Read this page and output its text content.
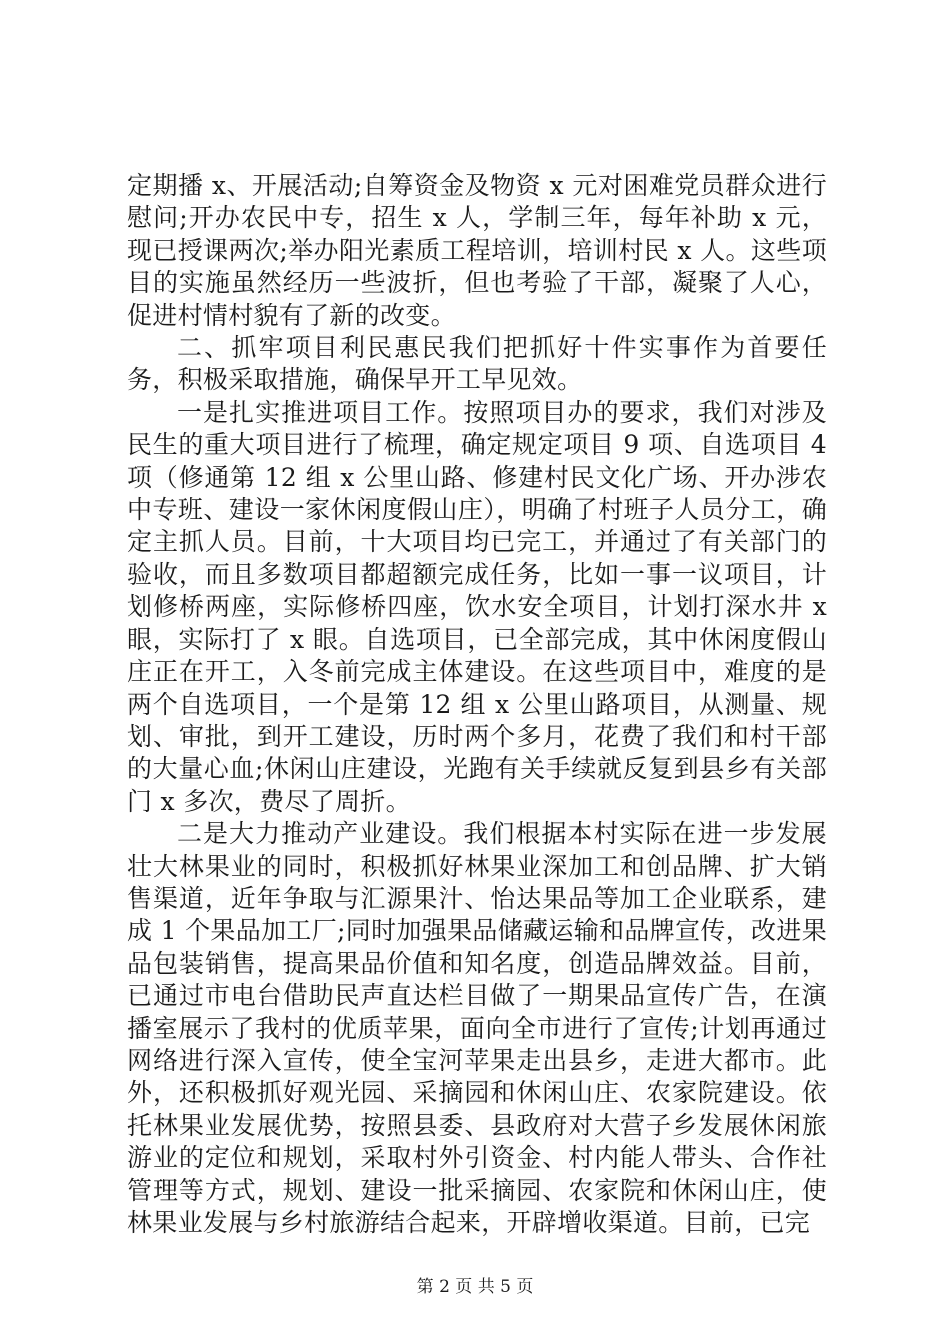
定期播 x、开展活动;自筹资金及物资 x 元对困难党员群众进行慰问;开办农民中专，招生 x 人，学制三年，每年补助 x 元，现已授课两次;举办阳光素质工程培训，培训村民 x 人。这些项目的实施虽然经历一些波折，但也考验了干部，凝聚了人心，促进村情村貌有了新的改变。

二、抓牢项目利民惠民我们把抓好十件实事作为首要任务，积极采取措施，确保早开工早见效。

一是扎实推进项目工作。按照项目办的要求，我们对涉及民生的重大项目进行了梳理，确定规定项目 9 项、自选项目 4 项（修通第 12 组 x 公里山路、修建村民文化广场、开办涉农中专班、建设一家休闲度假山庄），明确了村班子人员分工，确定主抓人员。目前，十大项目均已完工，并通过了有关部门的验收，而且多数项目都超额完成任务，比如一事一议项目，计划修桥两座，实际修桥四座，饮水安全项目，计划打深水井 x 眼，实际打了 x 眼。自选项目，已全部完成，其中休闲度假山庄正在开工，入冬前完成主体建设。在这些项目中，难度的是两个自选项目，一个是第 12 组 x 公里山路项目，从测量、规划、审批，到开工建设，历时两个多月，花费了我们和村干部的大量心血;休闲山庄建设，光跑有关手续就反复到县乡有关部门 x 多次，费尽了周折。

二是大力推动产业建设。我们根据本村实际在进一步发展壮大林果业的同时，积极抓好林果业深加工和创品牌、扩大销售渠道，近年争取与汇源果汁、怡达果品等加工企业联系，建成 1 个果品加工厂;同时加强果品储藏运输和品牌宣传，改进果品包装销售，提高果品价值和知名度，创造品牌效益。目前，已通过市电台借助民声直达栏目做了一期果品宣传广告，在演播室展示了我村的优质苹果，面向全市进行了宣传;计划再通过网络进行深入宣传，使全宝河苹果走出县乡，走进大都市。此外，还积极抓好观光园、采摘园和休闲山庄、农家院建设。依托林果业发展优势，按照县委、县政府对大营子乡发展休闲旅游业的定位和规划，采取村外引资金、村内能人带头、合作社管理等方式，规划、建设一批采摘园、农家院和休闲山庄，使林果业发展与乡村旅游结合起来，开辟增收渠道。目前，已完

第 2 页 共 5 页
